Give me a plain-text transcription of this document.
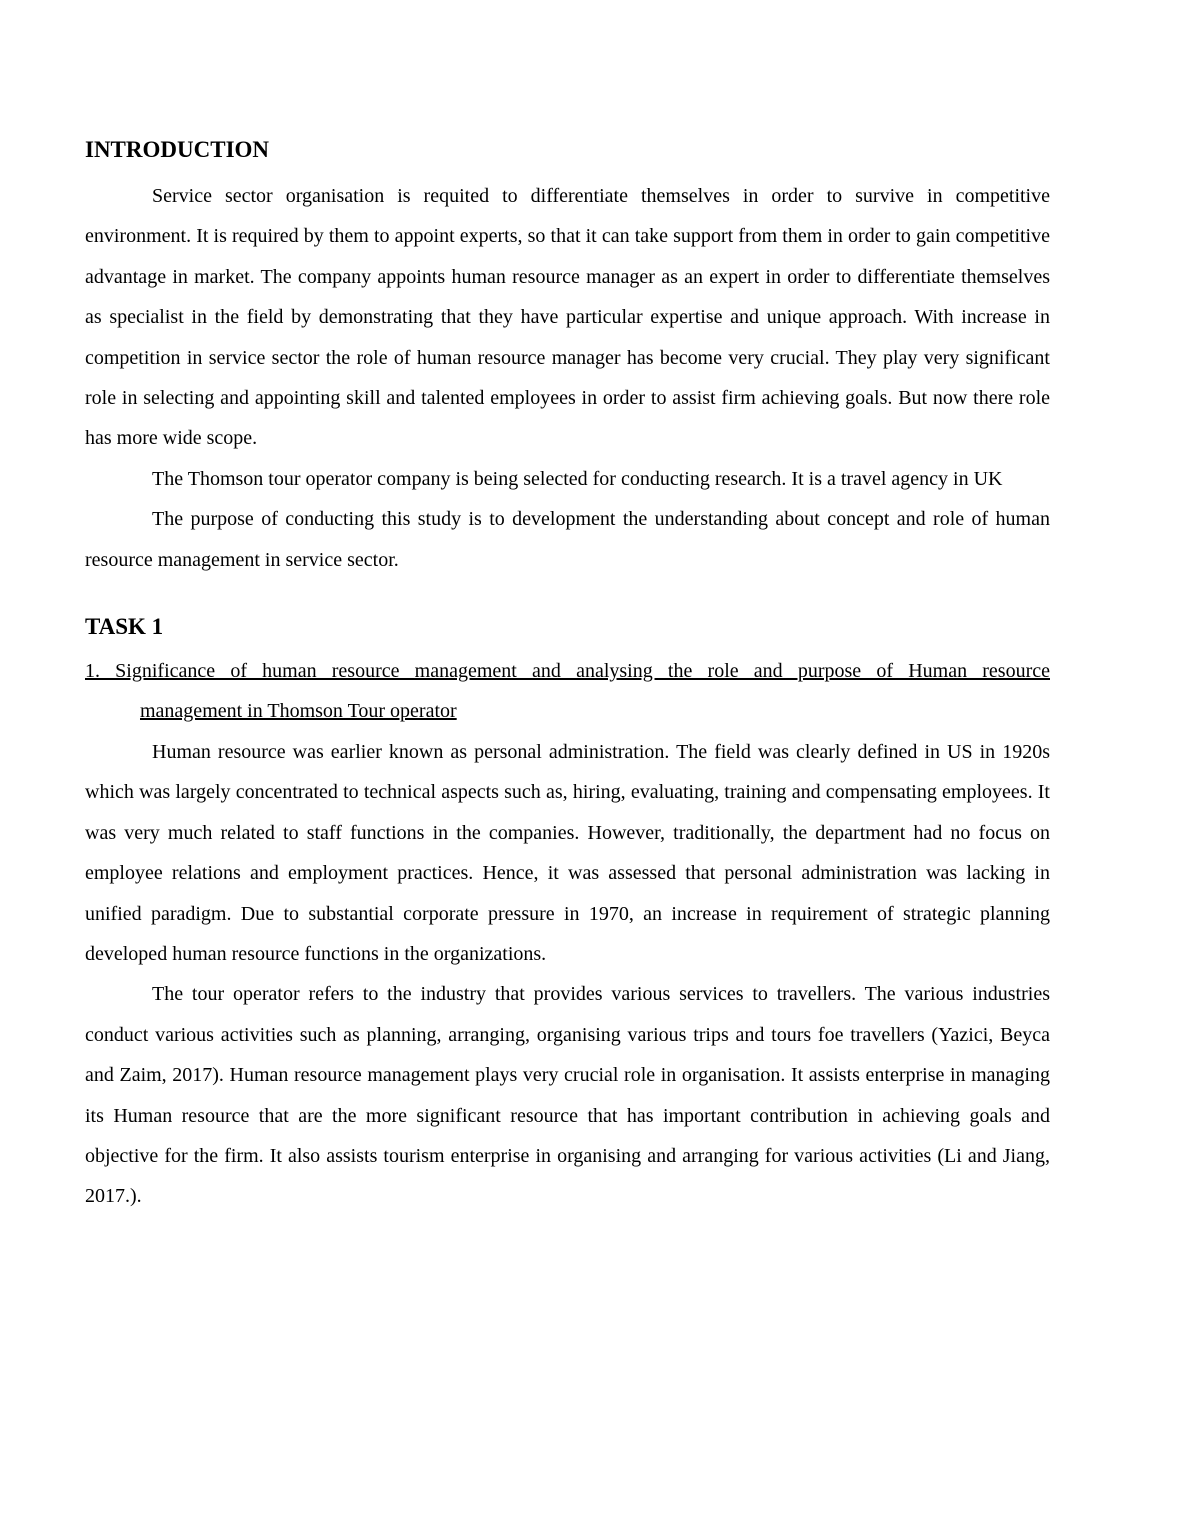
INTRODUCTION

Service sector organisation is requited to differentiate themselves in order to survive in competitive environment. It is required by them to appoint experts, so that it can take support from them in order to gain competitive advantage in market. The company appoints human resource manager as an expert in order to differentiate themselves as specialist in the field by demonstrating that they have particular expertise and unique approach. With increase in competition in service sector the role of human resource manager has become very crucial. They play very significant role in selecting and appointing skill and talented employees in order to assist firm achieving goals. But now there role has more wide scope.

The Thomson tour operator company is being selected for conducting research. It is a travel agency in UK

The purpose of conducting this study is to development the understanding about concept and role of human resource management in service sector.

TASK 1
1. Significance of human resource management and analysing the role and purpose of Human resource
management in Thomson Tour operator

Human resource was earlier known as personal administration. The field was clearly defined in US in 1920s which was largely concentrated to technical aspects such as, hiring, evaluating, training and compensating employees. It was very much related to staff functions in the companies. However, traditionally, the department had no focus on employee relations and employment practices. Hence, it was assessed that personal administration was lacking in unified paradigm. Due to substantial corporate pressure in 1970, an increase in requirement of strategic planning developed human resource functions in the organizations.

The tour operator refers to the industry that provides various services to travellers. The various industries conduct various activities such as planning, arranging, organising various trips and tours foe travellers (Yazici, Beyca and Zaim, 2017). Human resource management plays very crucial role in organisation. It assists enterprise in managing its Human resource that are the more significant resource that has important contribution in achieving goals and objective for the firm. It also assists tourism enterprise in organising and arranging for various activities (Li and Jiang, 2017.).
